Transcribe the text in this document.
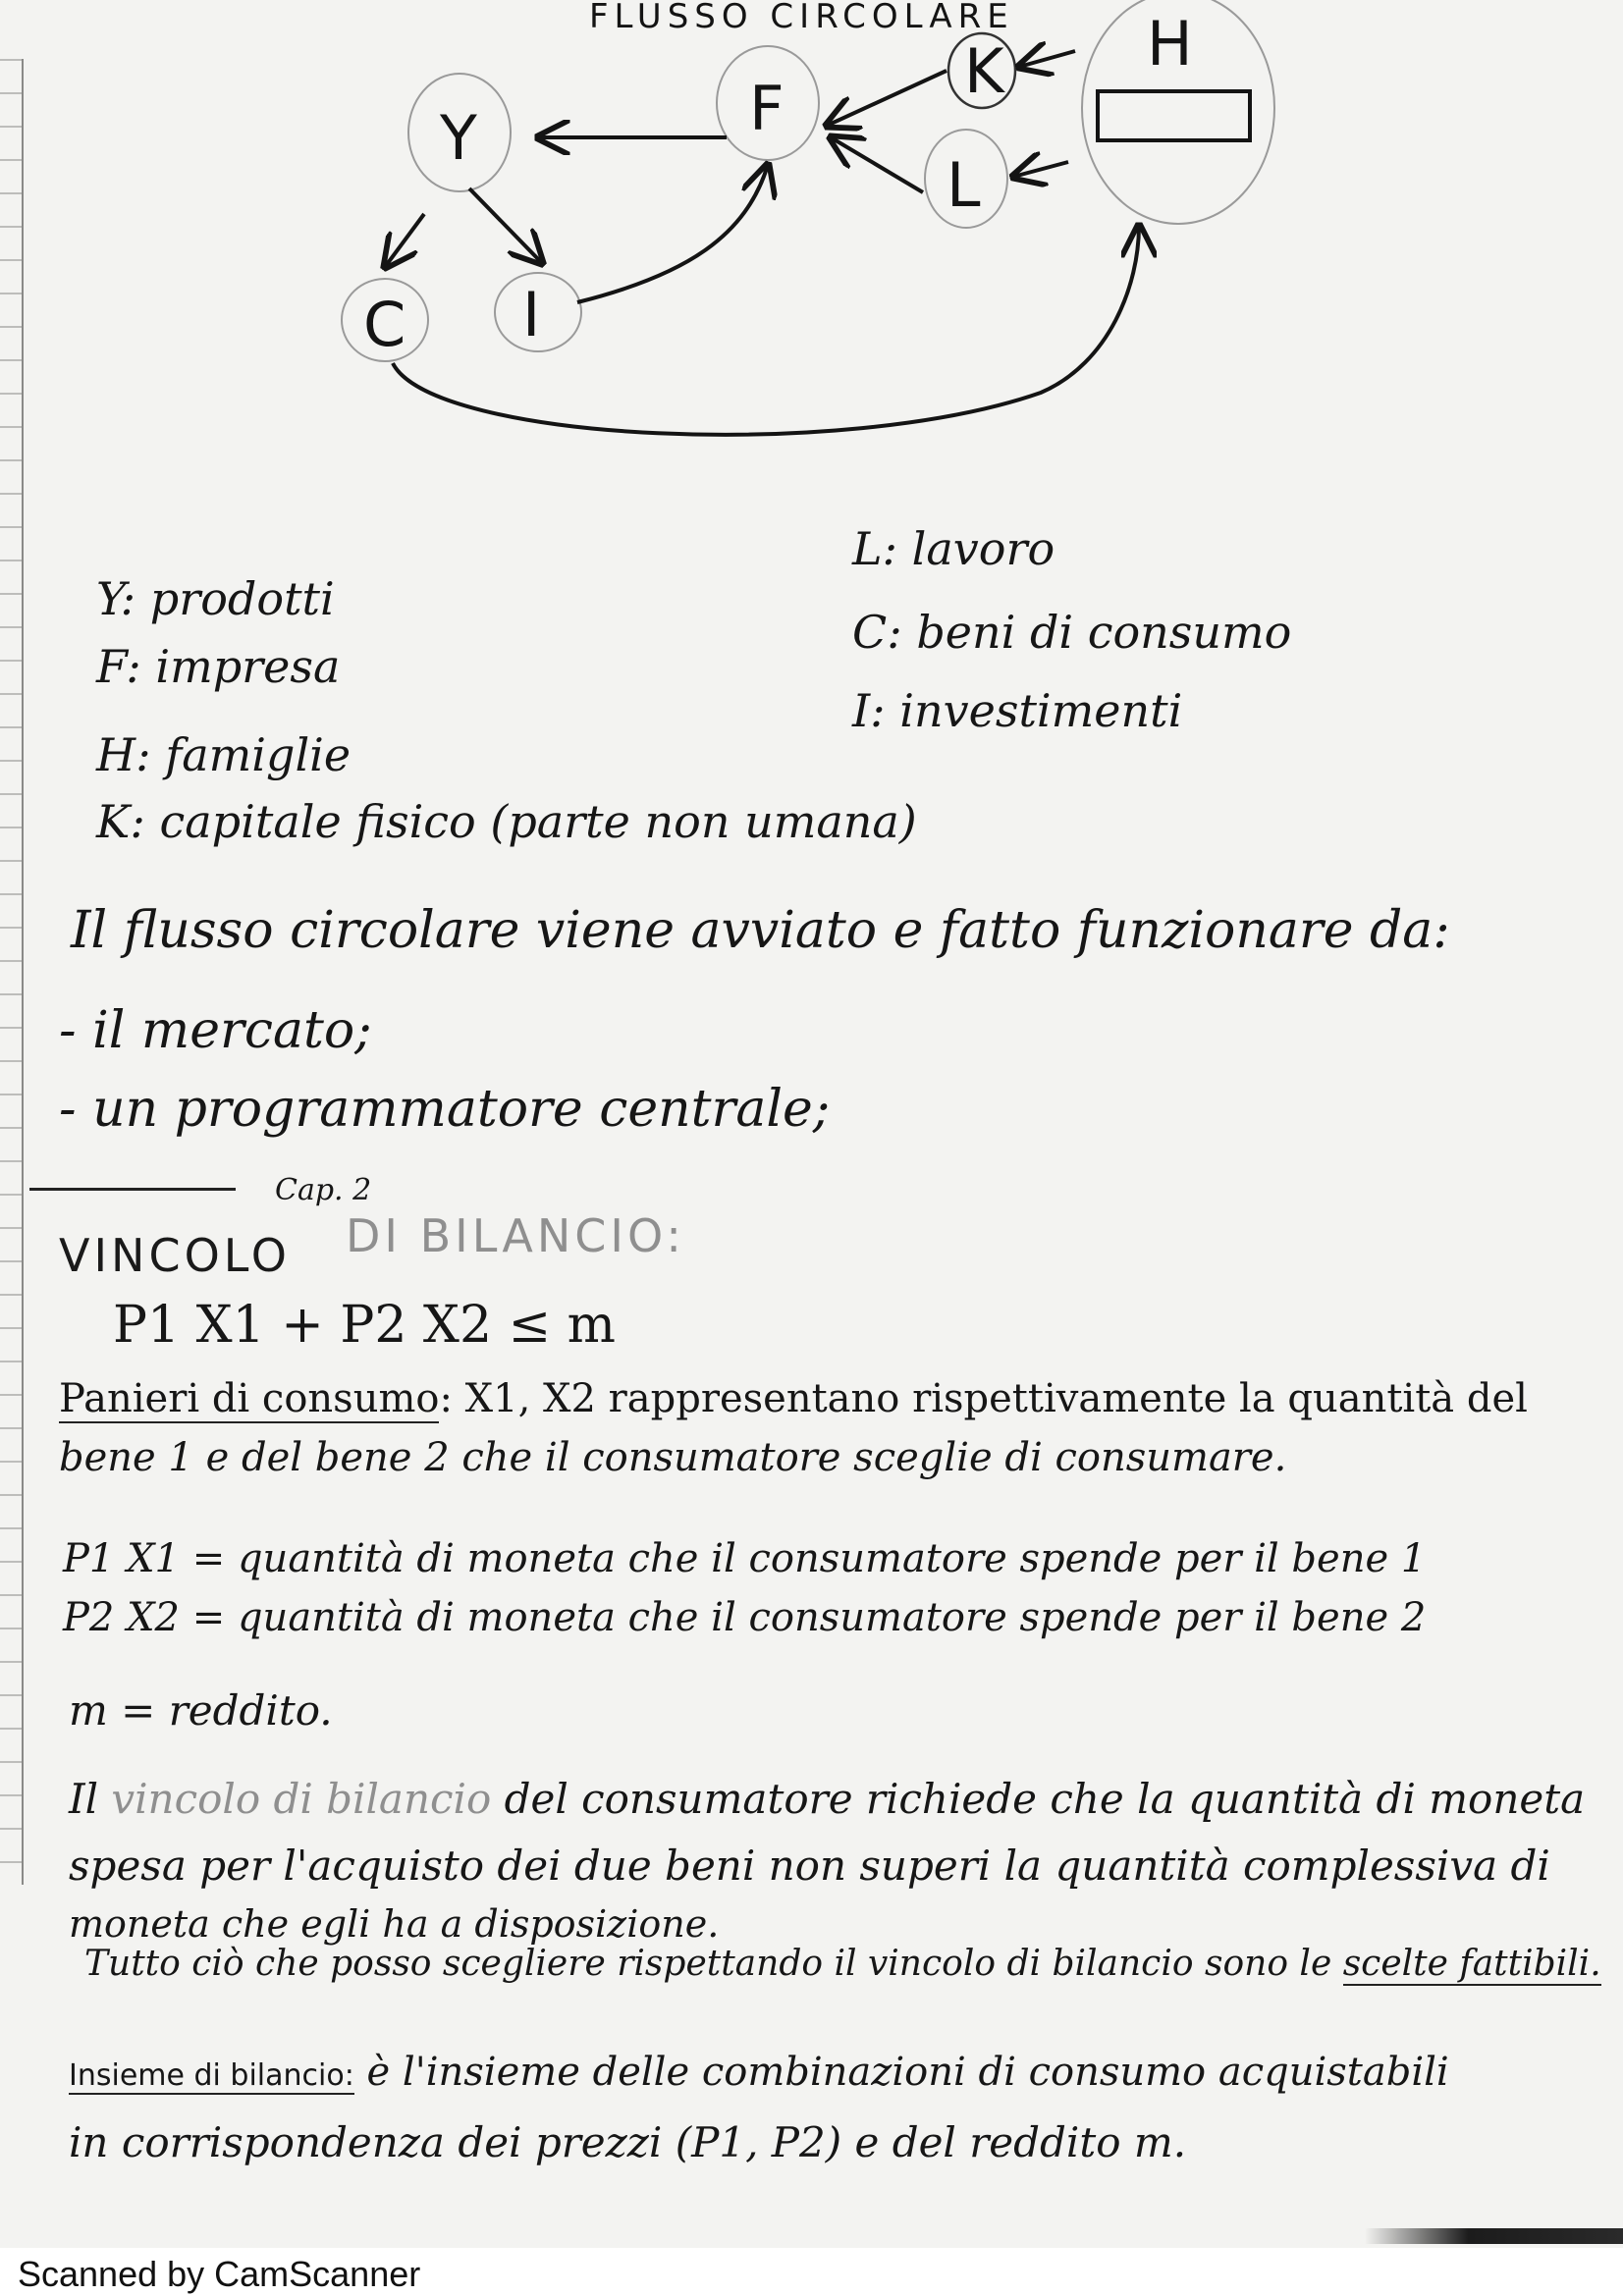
FLUSSO CIRCOLARE
Y	F
K
L
H
C I
Y: prodotti
F: impresa
H: famiglie
K: capitale fisico (parte non umana)
L: lavoro
C: beni di consumo
I: investimenti
Il flusso circolare viene avviato e fatto funzionare da:
- il mercato;
- un programmatore centrale;
Cap. 2
VINCOLO DI BILANCIO:
P1 X1 + P2 X2 ≤ m
Panieri di consumo: X1, X2 rappresentano rispettivamente la quantità del
bene 1 e del bene 2 che il consumatore sceglie di consumare.
P1 X1 = quantità di moneta che il consumatore spende per il bene 1
P2 X2 = quantità di moneta che il consumatore spende per il bene 2
m = reddito.
Il vincolo di bilancio del consumatore richiede che la quantità di moneta
spesa per l'acquisto dei due beni non superi la quantità complessiva di
moneta che egli ha a disposizione.
Tutto ciò che posso scegliere rispettando il vincolo di bilancio sono le scelte fattibili.
Insieme di bilancio: è l'insieme delle combinazioni di consumo acquistabili
in corrispondenza dei prezzi (P1, P2) e del reddito m.
Scanned by CamScanner
